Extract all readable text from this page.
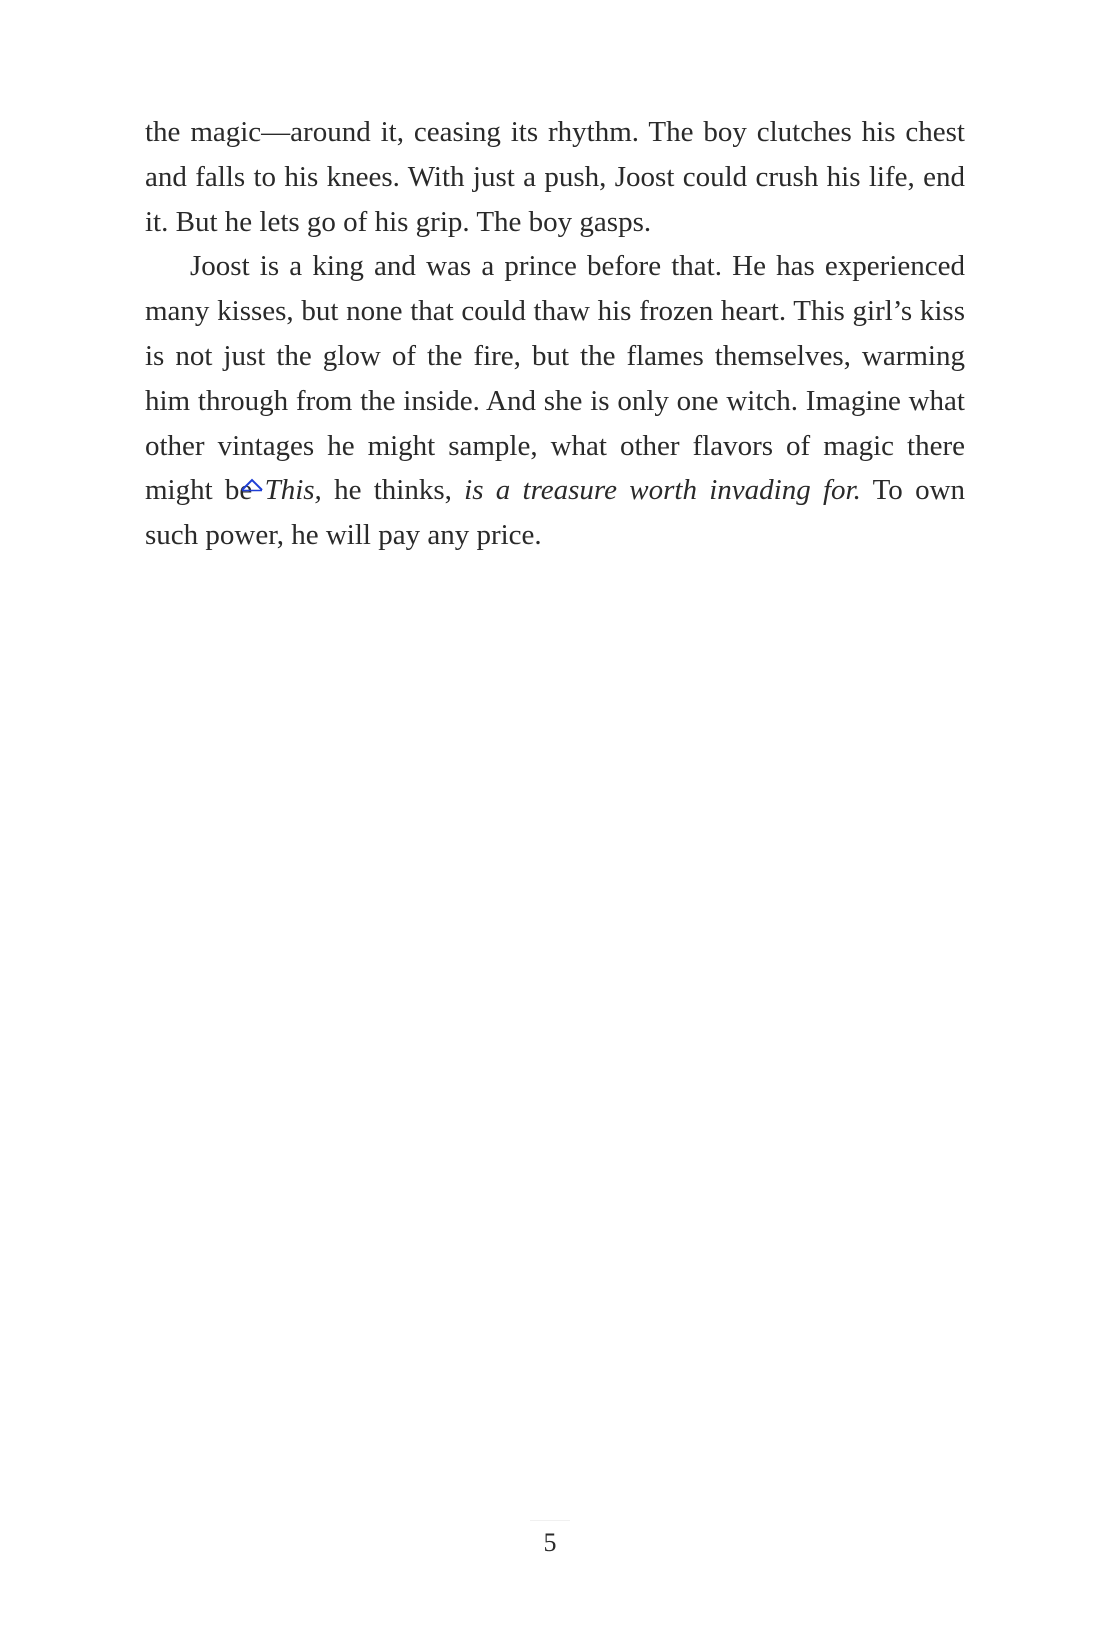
the magic—around it, ceasing its rhythm. The boy clutches his chest and falls to his knees. With just a push, Joost could crush his life, end it. But he lets go of his grip. The boy gasps.

Joost is a king and was a prince before that. He has experienced many kisses, but none that could thaw his frozen heart. This girl’s kiss is not just the glow of the fire, but the flames themselves, warming him through from the inside. And she is only one witch. Imagine what other vintages he might sample, what other flavors of magic there might be
This, he thinks, is a treasure worth invading for. To own such power, he will pay any price.

5
